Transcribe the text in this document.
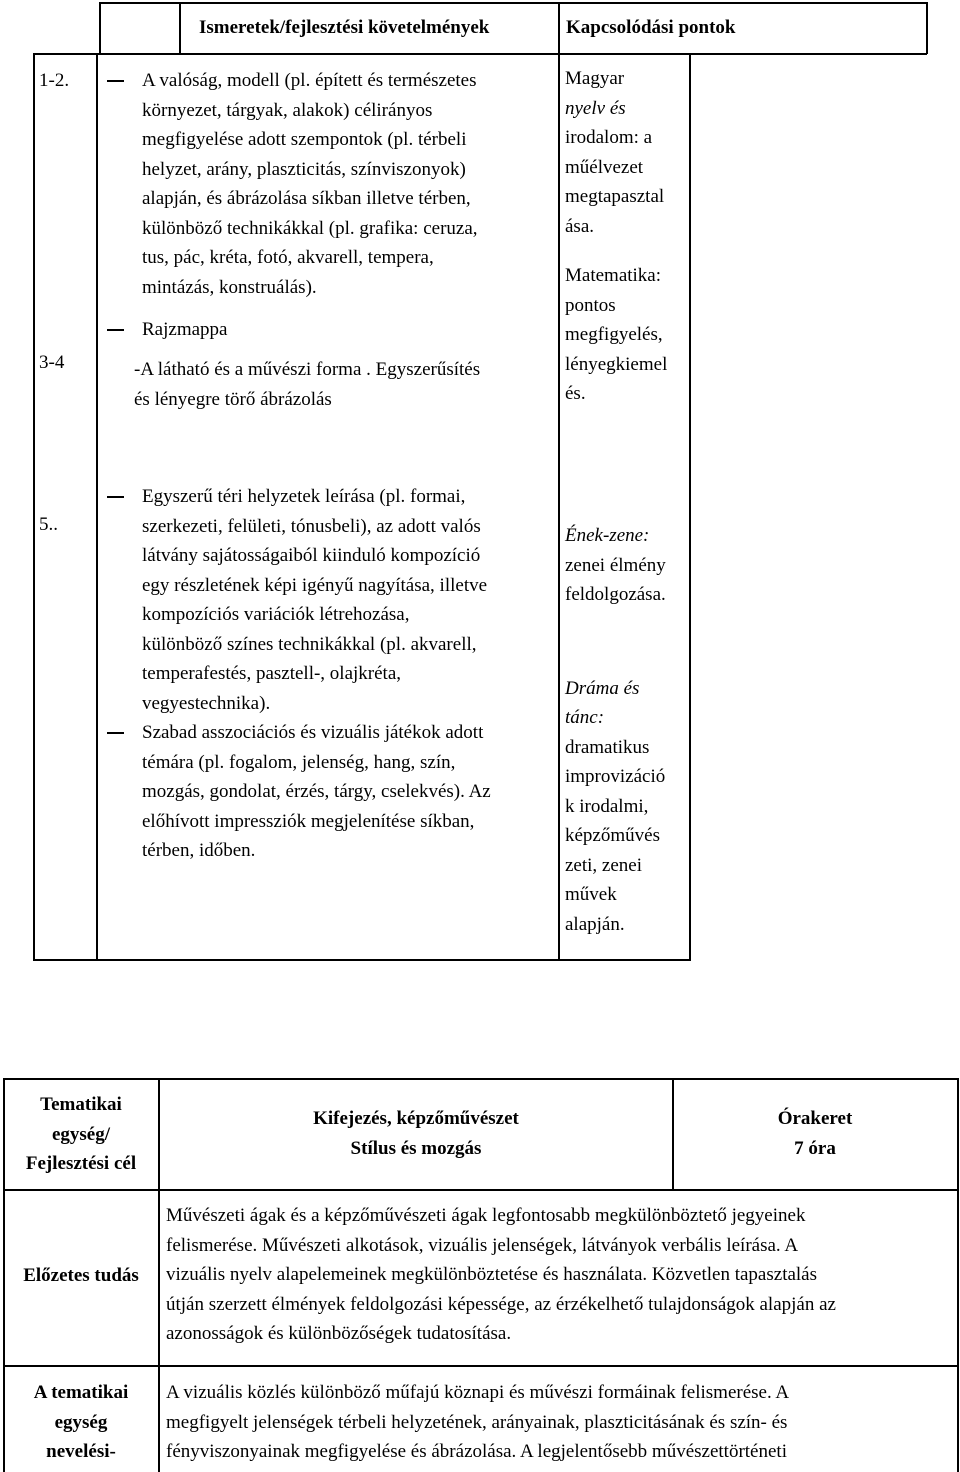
Ismeretek/fejlesztési követelmények	Kapcsolódási pontok
1-2.
3-4
A valóság, modell (pl. épített és természetes
környezet, tárgyak, alakok) célirányos
megfigyelése adott szempontok (pl. térbeli
helyzet, arány, plaszticitás, színviszonyok)
alapján, és ábrázolása síkban illetve térben,
különböző technikákkal (pl. grafika: ceruza,
tus, pác, kréta, fotó, akvarell, tempera,
mintázás, konstruálás).
Rajzmappa
-A látható és a művészi forma . Egyszerűsítés
és lényegre törő ábrázolás
Magyar
nyelv és
irodalom: a
műélvezet
megtapasztal
ása.
Matematika:
pontos
megfigyelés,
lényegkiemel
és.
5..
Egyszerű téri helyzetek leírása (pl. formai,
szerkezeti, felületi, tónusbeli), az adott valós
látvány sajátosságaiból kiinduló kompozíció
egy részletének képi igényű nagyítása, illetve
kompozíciós variációk létrehozása,
különböző színes technikákkal (pl. akvarell,
temperafestés, pasztell-, olajkréta,
vegyestechnika).
Szabad asszociációs és vizuális játékok adott
témára (pl. fogalom, jelenség, hang, szín,
mozgás, gondolat, érzés, tárgy, cselekvés). Az
előhívott impressziók megjelenítése síkban,
térben, időben.
Ének-zene:
zenei élmény
feldolgozása.
Dráma és
tánc:
dramatikus
improvizáció
k irodalmi,
képzőművés
zeti, zenei
művek
alapján.
Tematikai
egység/
Fejlesztési cél
Kifejezés, képzőművészet
Stílus és mozgás
Órakeret
7 óra
Előzetes tudás
Művészeti ágak és a képzőművészeti ágak legfontosabb megkülönböztető jegyeinek
felismerése. Művészeti alkotások, vizuális jelenségek, látványok verbális leírása. A
vizuális nyelv alapelemeinek megkülönböztetése és használata. Közvetlen tapasztalás
útján szerzett élmények feldolgozási képessége, az érzékelhető tulajdonságok alapján az
azonosságok és különbözőségek tudatosítása.
A tematikai
egység
nevelési-
A vizuális közlés különböző műfajú köznapi és művészi formáinak felismerése. A
megfigyelt jelenségek térbeli helyzetének, arányainak, plaszticitásának és szín- és
fényviszonyainak megfigyelése és ábrázolása. A legjelentősebb művészettörténeti
